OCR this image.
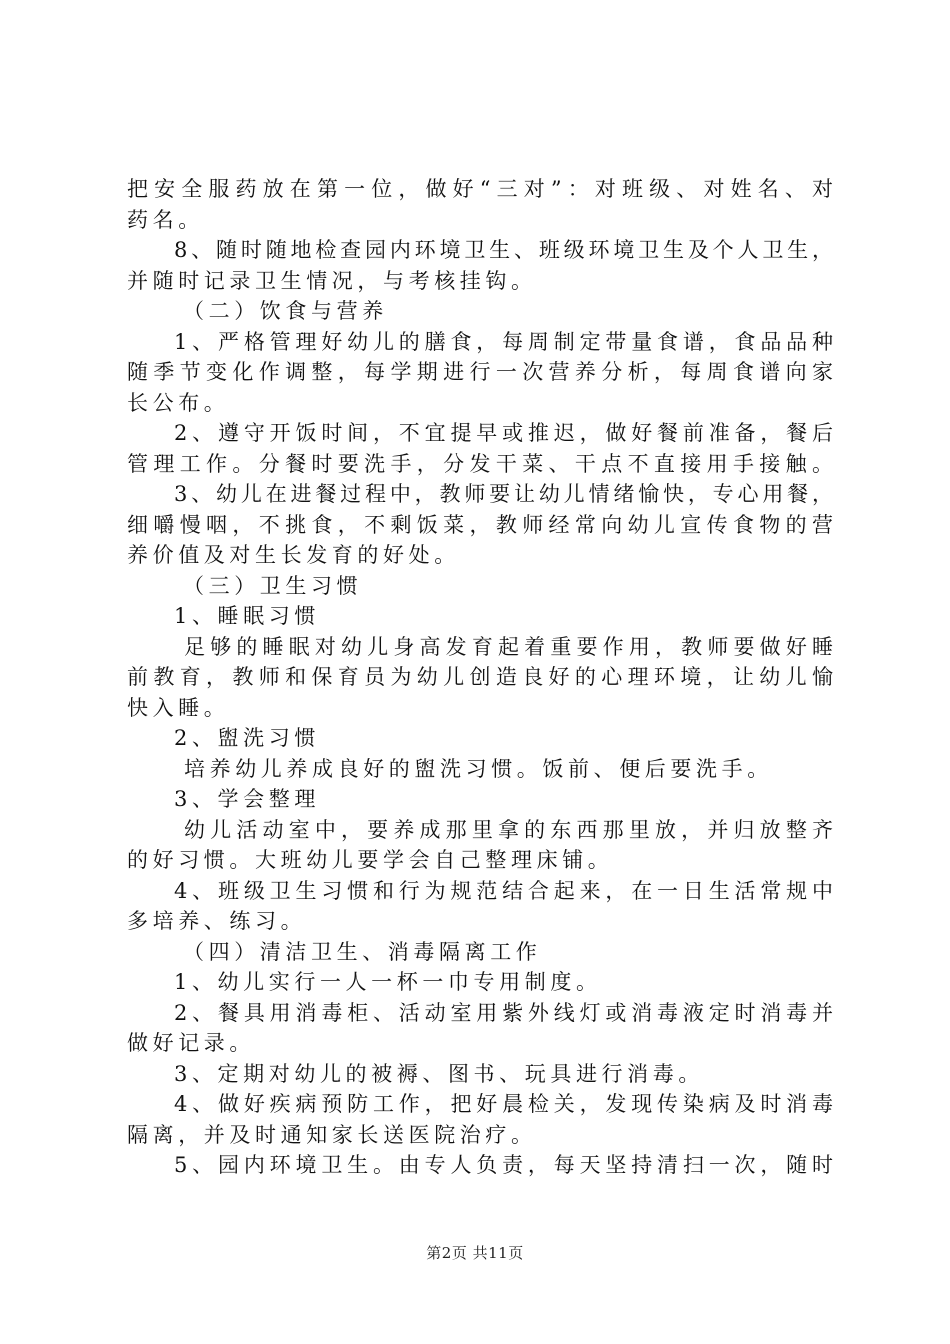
把安全服药放在第一位，做好“三对”：对班级、对姓名、对
药名。
8、随时随地检查园内环境卫生、班级环境卫生及个人卫生，
并随时记录卫生情况，与考核挂钩。
（二）饮食与营养
1、严格管理好幼儿的膳食，每周制定带量食谱，食品品种
随季节变化作调整，每学期进行一次营养分析，每周食谱向家
长公布。
2、遵守开饭时间，不宜提早或推迟，做好餐前准备，餐后
管理工作。分餐时要洗手，分发干菜、干点不直接用手接触。
3、幼儿在进餐过程中，教师要让幼儿情绪愉快，专心用餐，
细嚼慢咽，不挑食，不剩饭菜，教师经常向幼儿宣传食物的营
养价值及对生长发育的好处。
（三）卫生习惯
1、睡眠习惯
足够的睡眠对幼儿身高发育起着重要作用，教师要做好睡
前教育，教师和保育员为幼儿创造良好的心理环境，让幼儿愉
快入睡。
2、盥洗习惯
培养幼儿养成良好的盥洗习惯。饭前、便后要洗手。
3、学会整理
幼儿活动室中，要养成那里拿的东西那里放，并归放整齐
的好习惯。大班幼儿要学会自己整理床铺。
4、班级卫生习惯和行为规范结合起来，在一日生活常规中
多培养、练习。
（四）清洁卫生、消毒隔离工作
1、幼儿实行一人一杯一巾专用制度。
2、餐具用消毒柜、活动室用紫外线灯或消毒液定时消毒并
做好记录。
3、定期对幼儿的被褥、图书、玩具进行消毒。
4、做好疾病预防工作，把好晨检关，发现传染病及时消毒
隔离，并及时通知家长送医院治疗。
5、园内环境卫生。由专人负责，每天坚持清扫一次，随时
第2页 共11页
